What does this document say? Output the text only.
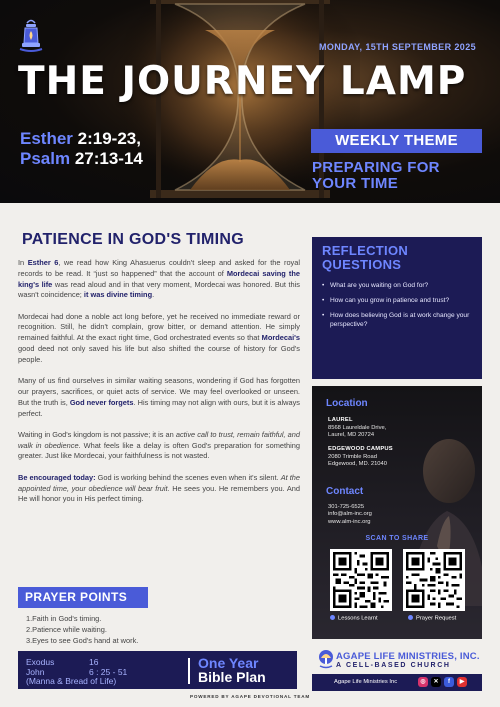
MONDAY, 15TH SEPTEMBER 2025
THE JOURNEY LAMP
Esther 2:19-23,
Psalm 27:13-14
WEEKLY THEME
PREPARING FOR
YOUR TIME
PATIENCE IN GOD'S TIMING

In Esther 6, we read how King Ahasuerus couldn't sleep and asked for the royal records to be read. It “just so happened” that the account of Mordecai saving the king's life was read aloud and in that very moment, Mordecai was honored. But this wasn't coincidence; it was divine timing.

Mordecai had done a noble act long before, yet he received no immediate reward or recognition. Still, he didn't complain, grow bitter, or demand attention. He simply remained faithful. At the exact right time, God orchestrated events so that Mordecai's good deed not only saved his life but also shifted the course of history for God's people.

Many of us find ourselves in similar waiting seasons, wondering if God has forgotten our prayers, sacrifices, or quiet acts of service. We may feel overlooked or unseen. But the truth is, God never forgets. His timing may not align with ours, but it is always perfect.

Waiting in God's kingdom is not passive; it is an active call to trust, remain faithful, and walk in obedience. What feels like a delay is often God's preparation for something greater. Just like Mordecai, your faithfulness is not wasted.

Be encouraged today: God is working behind the scenes even when it's silent. At the appointed time, your obedience will bear fruit. He sees you. He remembers you. And He will honor you in His perfect timing.

PRAYER POINTS
1.Faith in God's timing.
2.Patience while waiting.
3.Eyes to see God's hand at work.
Exodus	16
John	6 : 25 - 51
(Manna & Bread of Life)
One Year
Bible Plan
POWERED BY AGAPE DEVOTIONAL TEAM
REFLECTION
QUESTIONS
• What are you waiting on God for?
• How can you grow in patience and trust?
• How does believing God is at work change your perspective?
Location
LAUREL
8568 Laureldale Drive,
Laurel, MD 20724
EDGEWOOD CAMPUS
2080 Trimble Road
Edgewood, MD. 21040
Contact
301-725-6525
info@alm-inc.org
www.alm-inc.org
SCAN TO SHARE
Lessons Learnt	Prayer Request
AGAPE LIFE MINISTRIES, INC.
A CELL-BASED CHURCH
Agape Life Ministries Inc	◎	✕	f	▶
